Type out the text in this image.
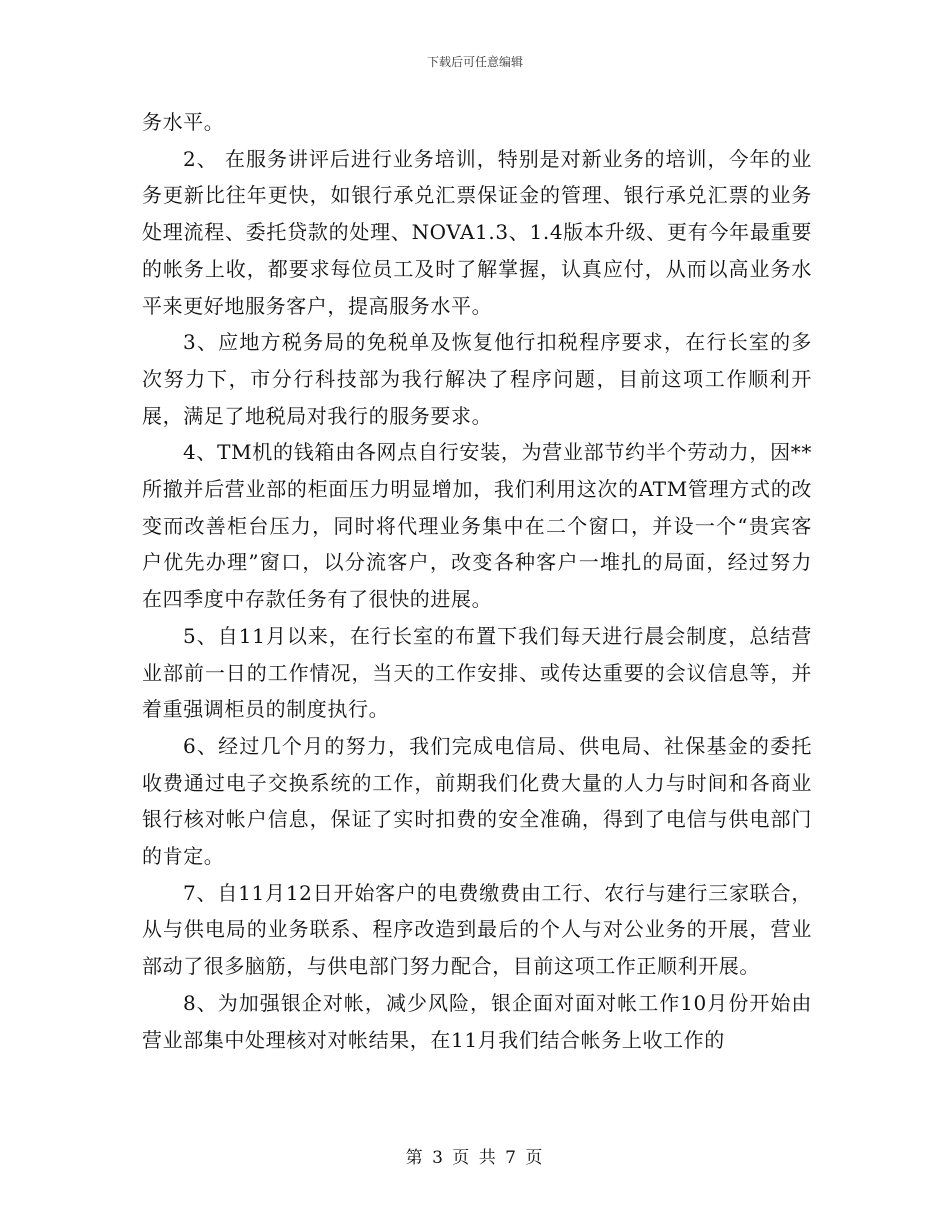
下载后可任意编辑

务水平。

2、 在服务讲评后进行业务培训，特别是对新业务的培训，今年的业务更新比往年更快，如银行承兑汇票保证金的管理、银行承兑汇票的业务处理流程、委托贷款的处理、NOVA1.3、1.4版本升级、更有今年最重要的帐务上收，都要求每位员工及时了解掌握，认真应付，从而以高业务水平来更好地服务客户，提高服务水平。

3、应地方税务局的免税单及恢复他行扣税程序要求，在行长室的多次努力下，市分行科技部为我行解决了程序问题，目前这项工作顺利开展，满足了地税局对我行的服务要求。

4、TM机的钱箱由各网点自行安装，为营业部节约半个劳动力，因**所撤并后营业部的柜面压力明显增加，我们利用这次的ATM管理方式的改变而改善柜台压力，同时将代理业务集中在二个窗口，并设一个“贵宾客户优先办理”窗口，以分流客户，改变各种客户一堆扎的局面，经过努力在四季度中存款任务有了很快的进展。

5、自11月以来，在行长室的布置下我们每天进行晨会制度，总结营业部前一日的工作情况，当天的工作安排、或传达重要的会议信息等，并着重强调柜员的制度执行。

6、经过几个月的努力，我们完成电信局、供电局、社保基金的委托收费通过电子交换系统的工作，前期我们化费大量的人力与时间和各商业银行核对帐户信息，保证了实时扣费的安全准确，得到了电信与供电部门的肯定。

7、自11月12日开始客户的电费缴费由工行、农行与建行三家联合，从与供电局的业务联系、程序改造到最后的个人与对公业务的开展，营业部动了很多脑筋，与供电部门努力配合，目前这项工作正顺利开展。

8、为加强银企对帐，减少风险，银企面对面对帐工作10月份开始由营业部集中处理核对对帐结果，在11月我们结合帐务上收工作的

第 3 页 共 7 页
